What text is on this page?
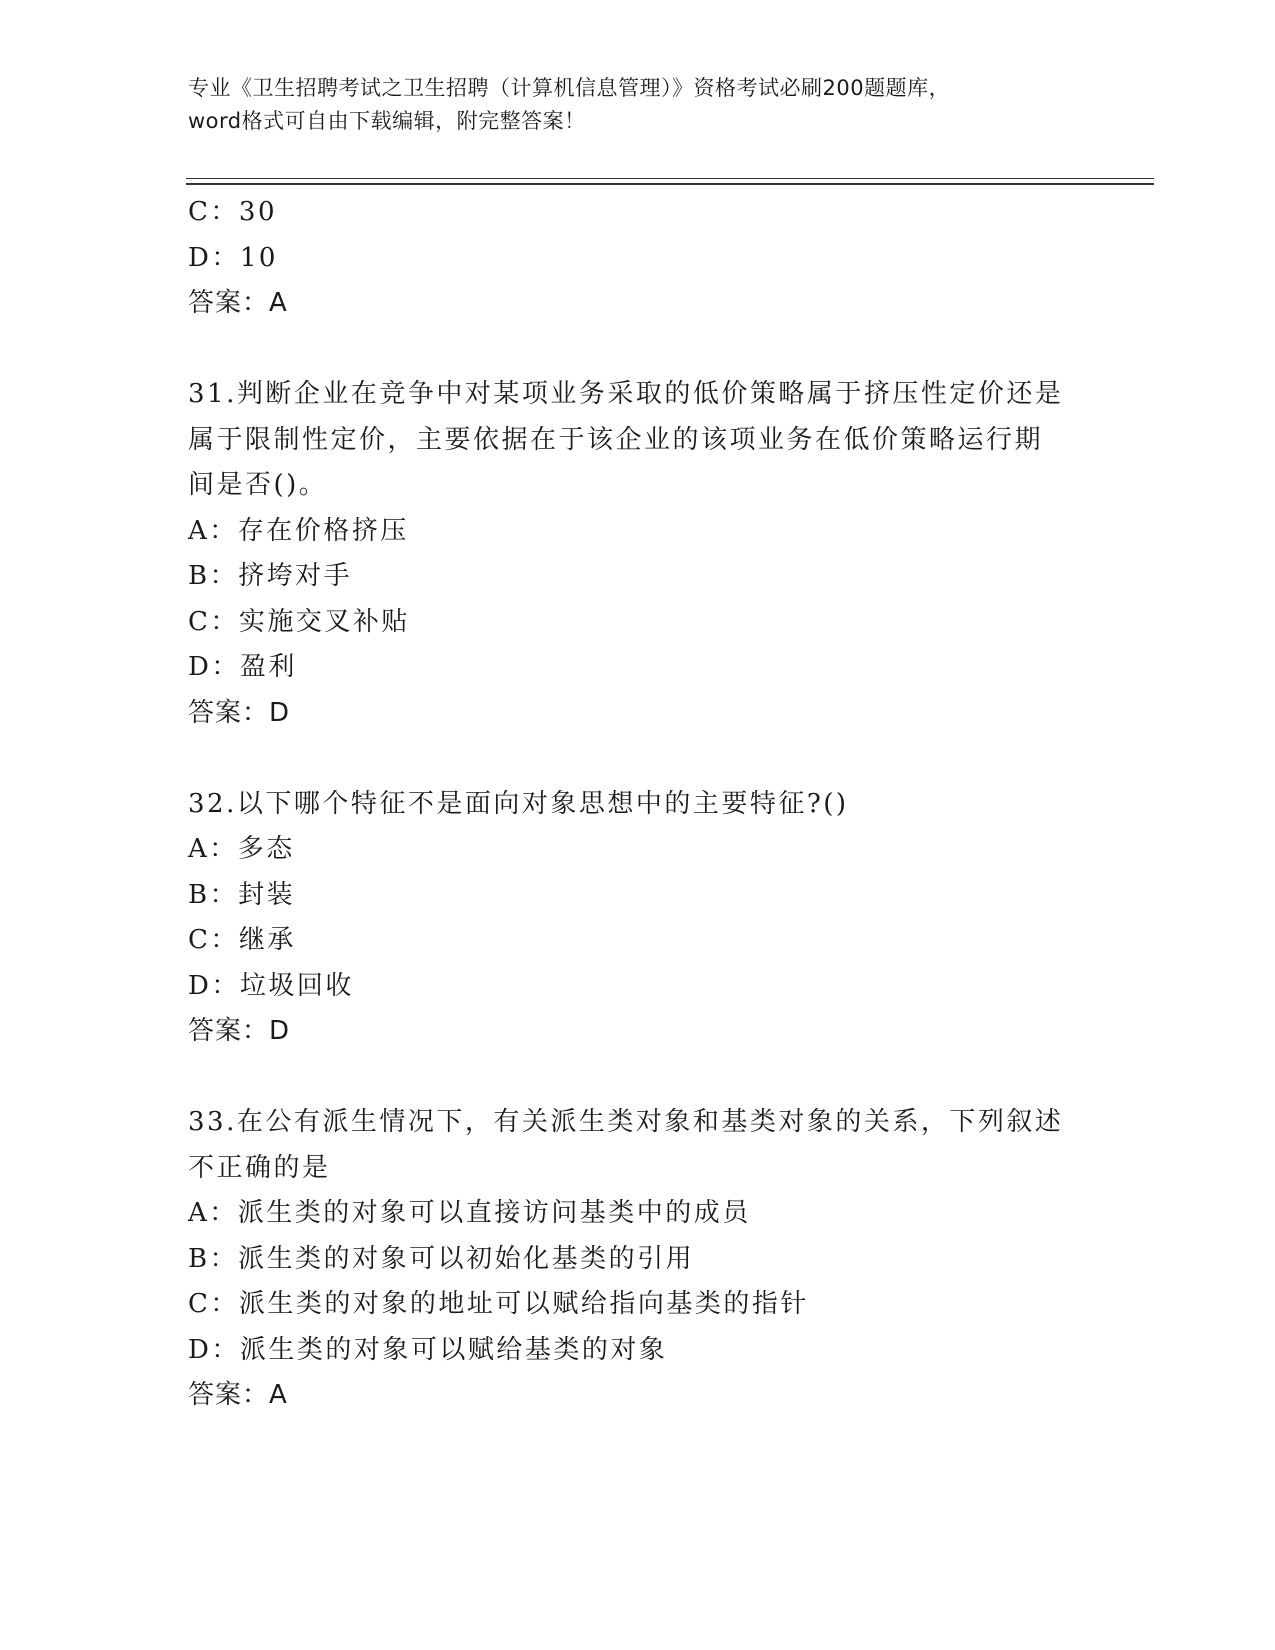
专业《卫生招聘考试之卫生招聘（计算机信息管理）》资格考试必刷200题题库，
word格式可自由下载编辑，附完整答案！
C：30
D：10
答案：A
31.判断企业在竞争中对某项业务采取的低价策略属于挤压性定价还是
属于限制性定价，主要依据在于该企业的该项业务在低价策略运行期
间是否()。
A：存在价格挤压
B：挤垮对手
C：实施交叉补贴
D：盈利
答案：D
32.以下哪个特征不是面向对象思想中的主要特征?()
A：多态
B：封装
C：继承
D：垃圾回收
答案：D
33.在公有派生情况下，有关派生类对象和基类对象的关系，下列叙述
不正确的是
A：派生类的对象可以直接访问基类中的成员
B：派生类的对象可以初始化基类的引用
C：派生类的对象的地址可以赋给指向基类的指针
D：派生类的对象可以赋给基类的对象
答案：A
